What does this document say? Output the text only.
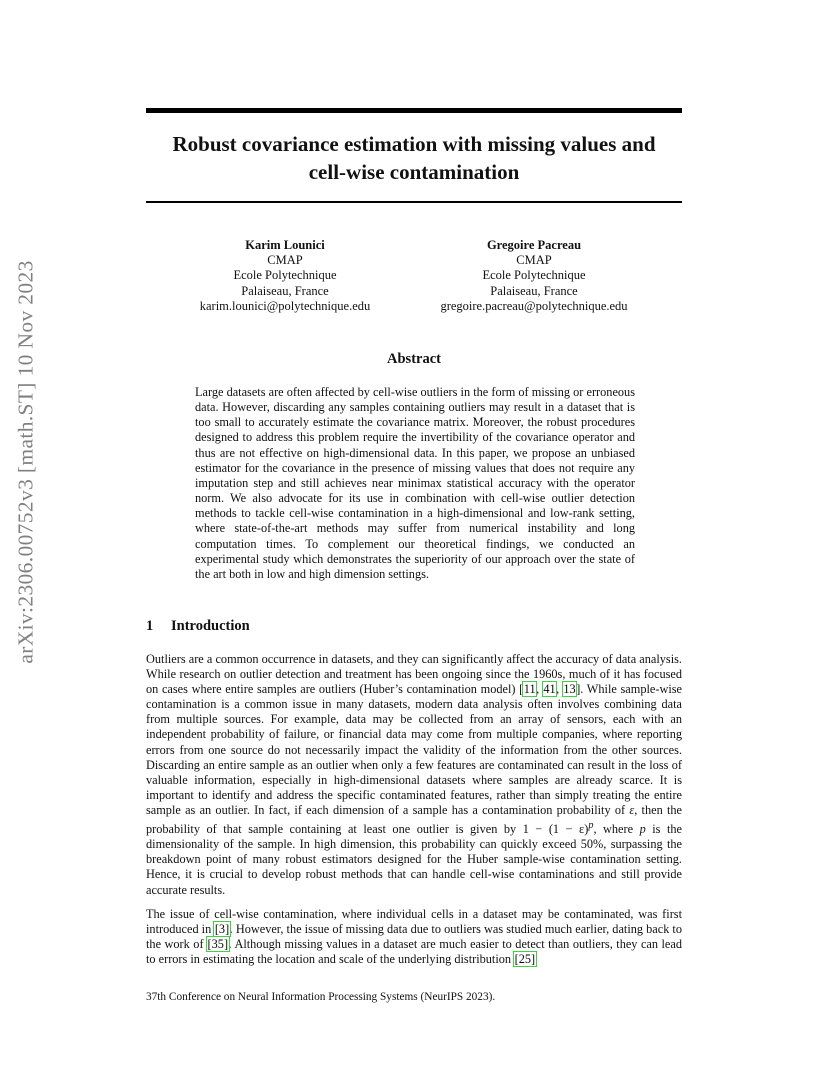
arXiv:2306.00752v3 [math.ST] 10 Nov 2023
Robust covariance estimation with missing values and
cell-wise contamination
Karim Lounici
CMAP
Ecole Polytechnique
Palaiseau, France
karim.lounici@polytechnique.edu
Gregoire Pacreau
CMAP
Ecole Polytechnique
Palaiseau, France
gregoire.pacreau@polytechnique.edu
Abstract
Large datasets are often affected by cell-wise outliers in the form of missing or erroneous data. However, discarding any samples containing outliers may result in a dataset that is too small to accurately estimate the covariance matrix. Moreover, the robust procedures designed to address this problem require the invertibility of the covariance operator and thus are not effective on high-dimensional data. In this paper, we propose an unbiased estimator for the covariance in the presence of missing values that does not require any imputation step and still achieves near minimax statistical accuracy with the operator norm. We also advocate for its use in combination with cell-wise outlier detection methods to tackle cell-wise contamination in a high-dimensional and low-rank setting, where state-of-the-art methods may suffer from numerical instability and long computation times. To complement our theoretical findings, we conducted an experimental study which demonstrates the superiority of our approach over the state of the art both in low and high dimension settings.
1 Introduction
Outliers are a common occurrence in datasets, and they can significantly affect the accuracy of data analysis. While research on outlier detection and treatment has been ongoing since the 1960s, much of it has focused on cases where entire samples are outliers (Huber’s contamination model) [11, 41, 13]. While sample-wise contamination is a common issue in many datasets, modern data analysis often involves combining data from multiple sources. For example, data may be collected from an array of sensors, each with an independent probability of failure, or financial data may come from multiple companies, where reporting errors from one source do not necessarily impact the validity of the information from the other sources. Discarding an entire sample as an outlier when only a few features are contaminated can result in the loss of valuable information, especially in high-dimensional datasets where samples are already scarce. It is important to identify and address the specific contaminated features, rather than simply treating the entire sample as an outlier. In fact, if each dimension of a sample has a contamination probability of ε, then the probability of that sample containing at least one outlier is given by $1 - (1 - \varepsilon)^p$, where p is the dimensionality of the sample. In high dimension, this probability can quickly exceed 50%, surpassing the breakdown point of many robust estimators designed for the Huber sample-wise contamination setting. Hence, it is crucial to develop robust methods that can handle cell-wise contaminations and still provide accurate results.
The issue of cell-wise contamination, where individual cells in a dataset may be contaminated, was first introduced in [3]. However, the issue of missing data due to outliers was studied much earlier, dating back to the work of [35]. Although missing values in a dataset are much easier to detect than outliers, they can lead to errors in estimating the location and scale of the underlying distribution [25]
37th Conference on Neural Information Processing Systems (NeurIPS 2023).
